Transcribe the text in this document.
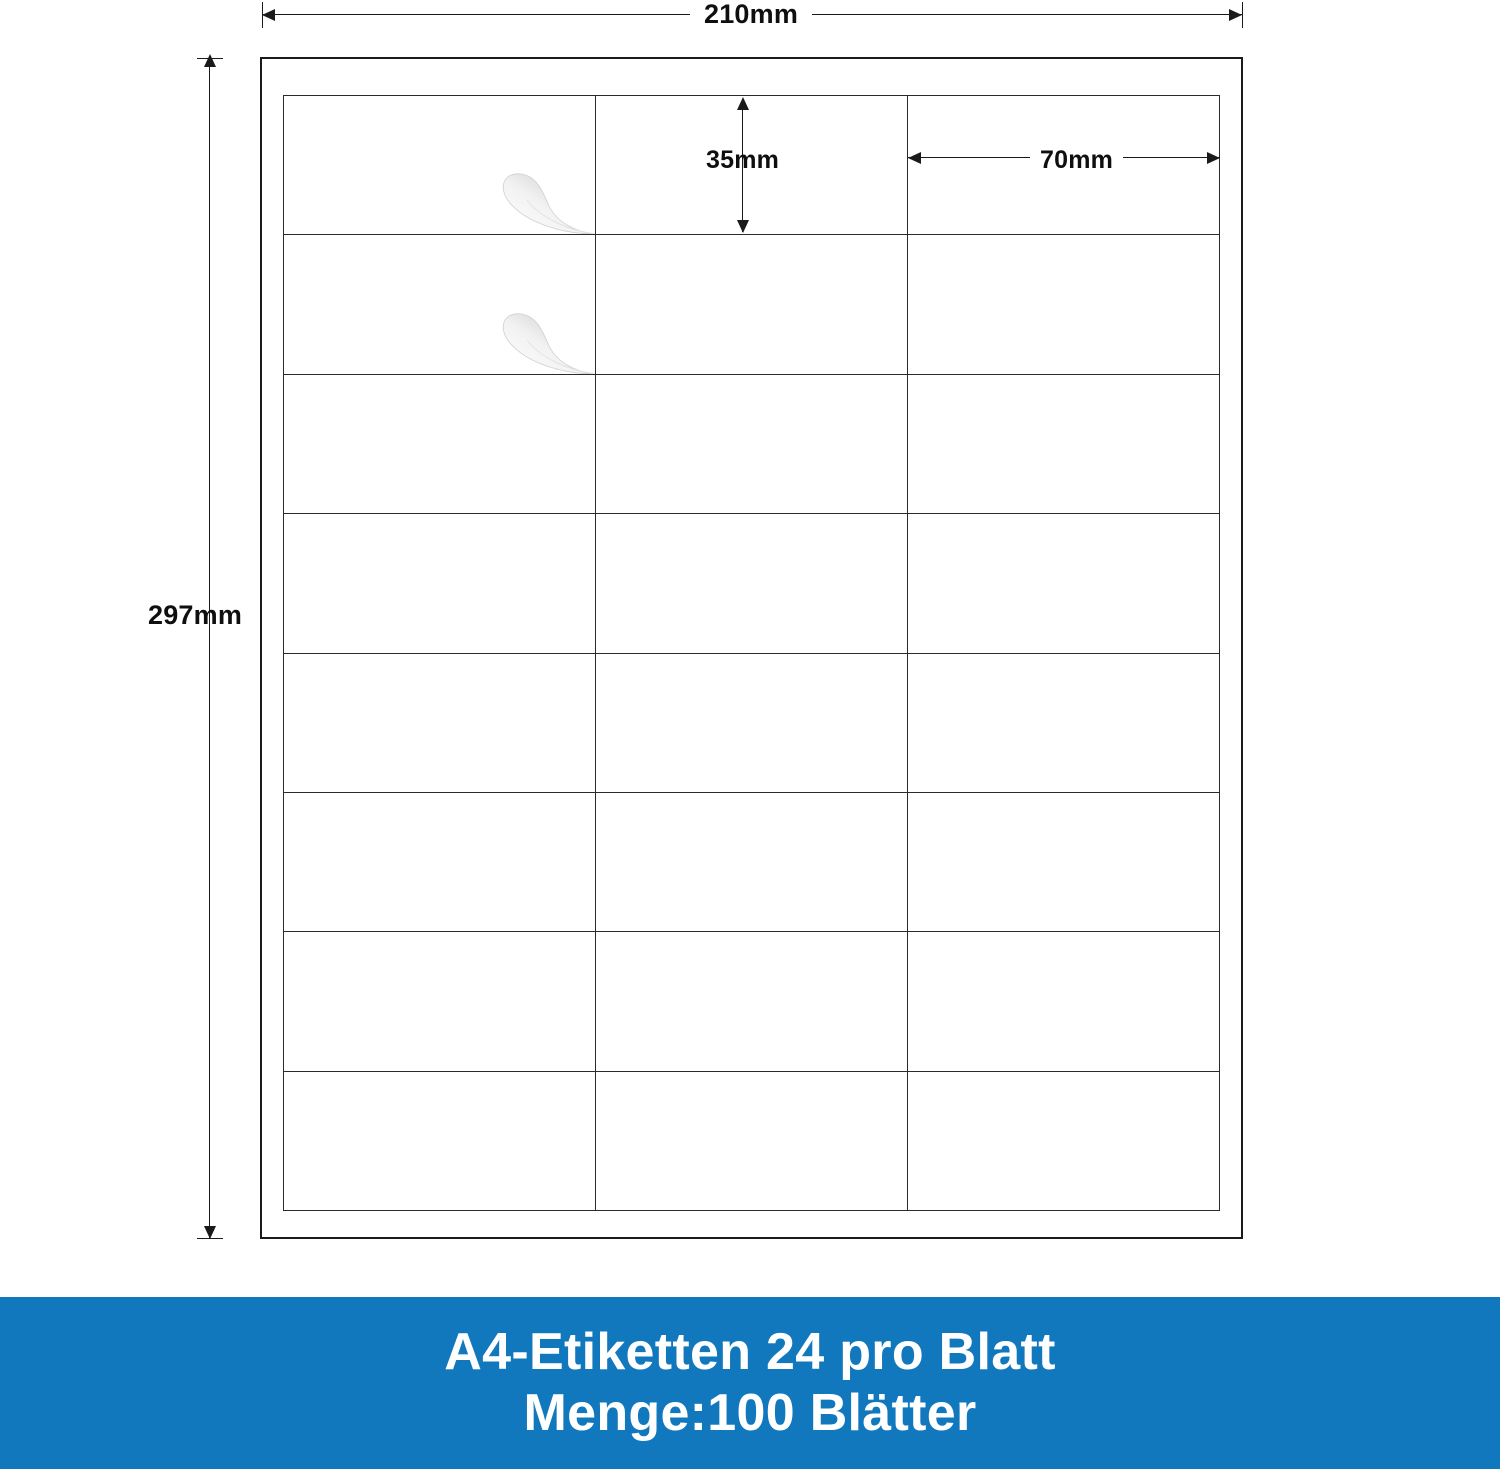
210mm
297mm
35mm	70mm
A4-Etiketten 24 pro Blatt
Menge:100 Blätter
